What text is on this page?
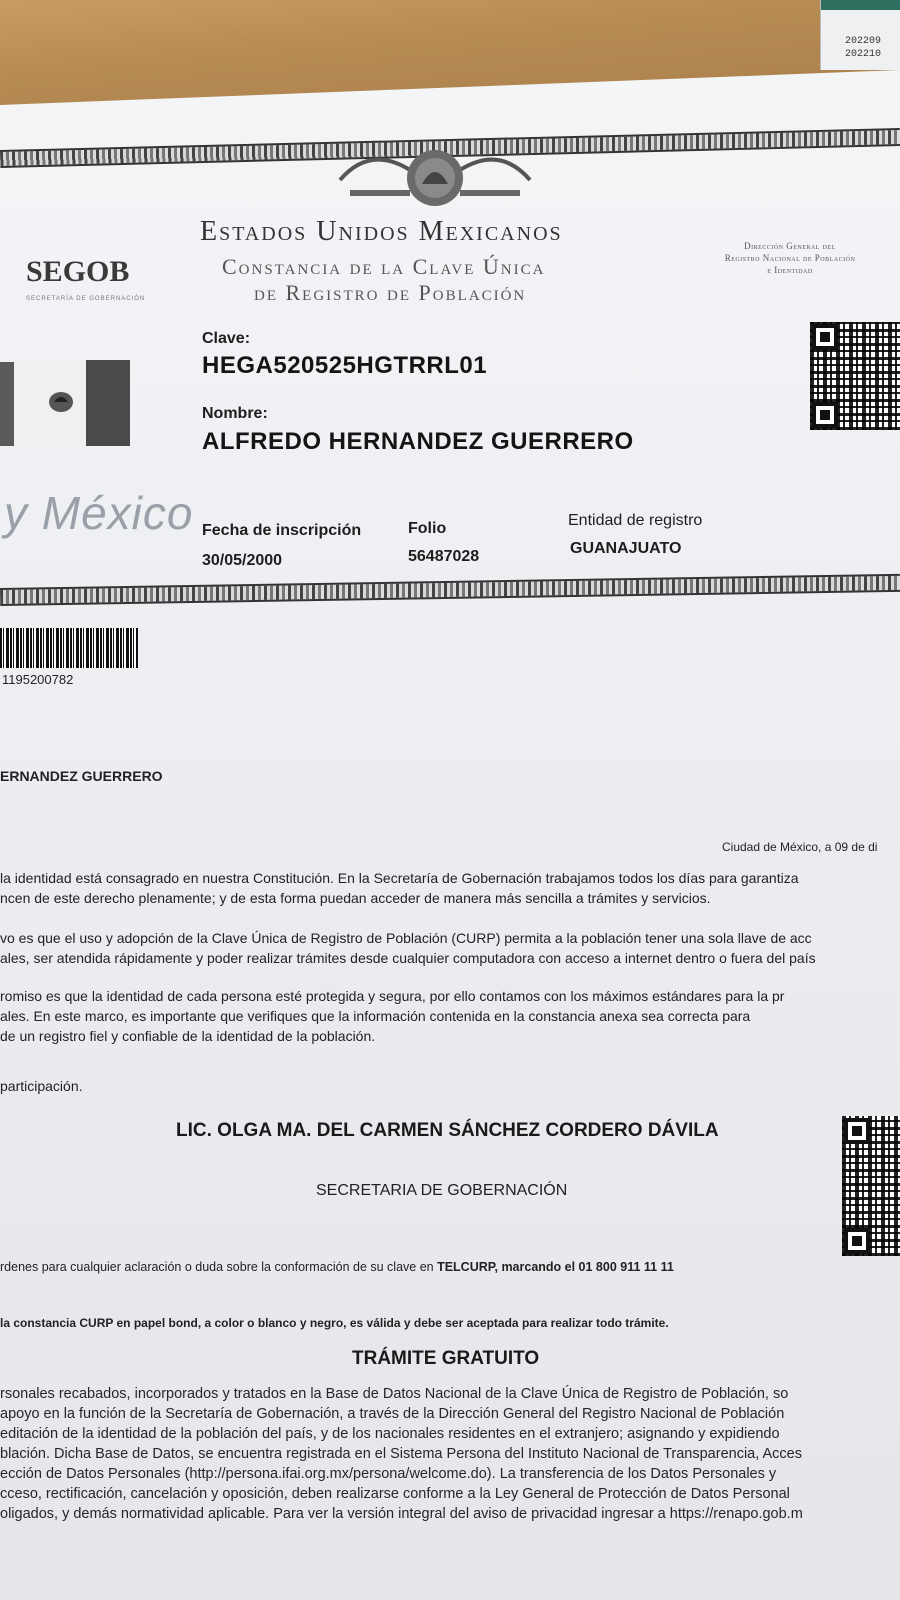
202209
202210
Estados Unidos Mexicanos
Constancia de la Clave Única
de Registro de Población
SEGOB
SECRETARÍA DE GOBERNACIÓN
Dirección General del
Registro Nacional de Población
e Identidad
y México
Clave:
HEGA520525HGTRRL01
Nombre:
ALFREDO HERNANDEZ GUERRERO
Fecha de inscripción
30/05/2000
Folio
56487028
Entidad de registro
GUANAJUATO
1195200782
ERNANDEZ GUERRERO
Ciudad de México, a 09 de di
la identidad está consagrado en nuestra Constitución. En la Secretaría de Gobernación trabajamos todos los días para garantiza
ncen de este derecho plenamente; y de esta forma puedan acceder de manera más sencilla a trámites y servicios.
vo es que el uso y adopción de la Clave Única de Registro de Población (CURP) permita a la población tener una sola llave de acc
ales, ser atendida rápidamente y poder realizar trámites desde cualquier computadora con acceso a internet dentro o fuera del país
romiso es que la identidad de cada persona esté protegida y segura, por ello contamos con los máximos estándares para la pr
ales. En este marco, es importante que verifiques que la información contenida en la constancia anexa sea correcta para
de un registro fiel y confiable de la identidad de la población.
participación.
LIC. OLGA MA. DEL CARMEN SÁNCHEZ CORDERO DÁVILA
SECRETARIA DE GOBERNACIÓN
rdenes para cualquier aclaración o duda sobre la conformación de su clave en TELCURP, marcando el 01 800 911 11 11
la constancia CURP en papel bond, a color o blanco y negro, es válida y debe ser aceptada para realizar todo trámite.
TRÁMITE GRATUITO
rsonales recabados, incorporados y tratados en la Base de Datos Nacional de la Clave Única de Registro de Población, so
apoyo en la función de la Secretaría de Gobernación, a través de la Dirección General del Registro Nacional de Población
editación de la identidad de la población del país, y de los nacionales residentes en el extranjero; asignando y expidiendo
blación. Dicha Base de Datos, se encuentra registrada en el Sistema Persona del Instituto Nacional de Transparencia, Acces
ección de Datos Personales (http://persona.ifai.org.mx/persona/welcome.do). La transferencia de los Datos Personales y
cceso, rectificación, cancelación y oposición, deben realizarse conforme a la Ley General de Protección de Datos Personal
oligados, y demás normatividad aplicable. Para ver la versión integral del aviso de privacidad ingresar a https://renapo.gob.m
